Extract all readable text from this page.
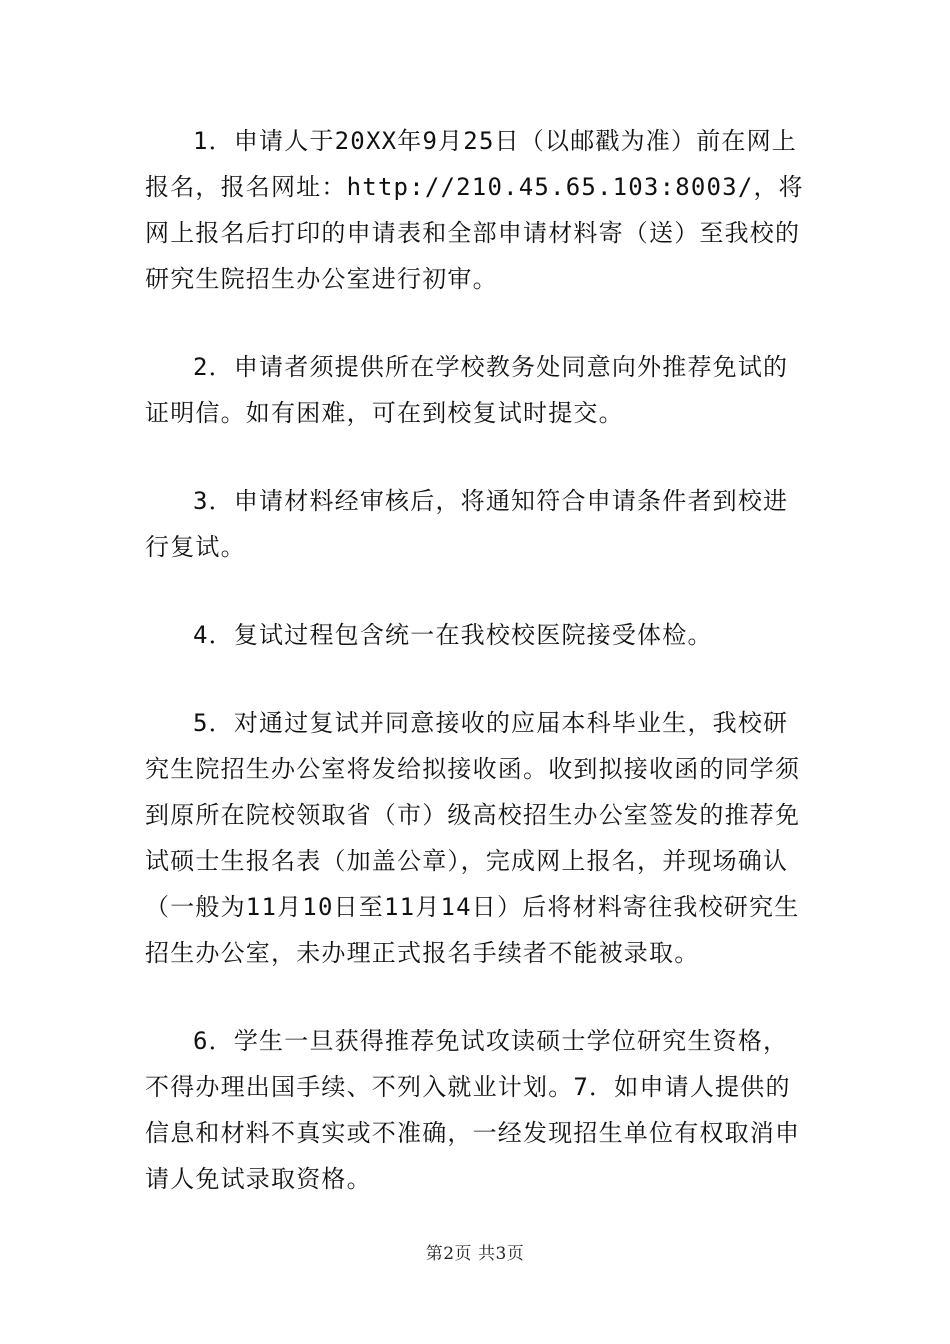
1．申请人于20XX年9月25日（以邮戳为准）前在网上报名，报名网址：http://210.45.65.103:8003/，将网上报名后打印的申请表和全部申请材料寄（送）至我校的研究生院招生办公室进行初审。

2．申请者须提供所在学校教务处同意向外推荐免试的证明信。如有困难，可在到校复试时提交。

3．申请材料经审核后，将通知符合申请条件者到校进行复试。

4．复试过程包含统一在我校校医院接受体检。

5．对通过复试并同意接收的应届本科毕业生，我校研究生院招生办公室将发给拟接收函。收到拟接收函的同学须到原所在院校领取省（市）级高校招生办公室签发的推荐免试硕士生报名表（加盖公章），完成网上报名，并现场确认（一般为11月10日至11月14日）后将材料寄往我校研究生招生办公室，未办理正式报名手续者不能被录取。

6．学生一旦获得推荐免试攻读硕士学位研究生资格，不得办理出国手续、不列入就业计划。7．如申请人提供的信息和材料不真实或不准确，一经发现招生单位有权取消申请人免试录取资格。

第2页 共3页
